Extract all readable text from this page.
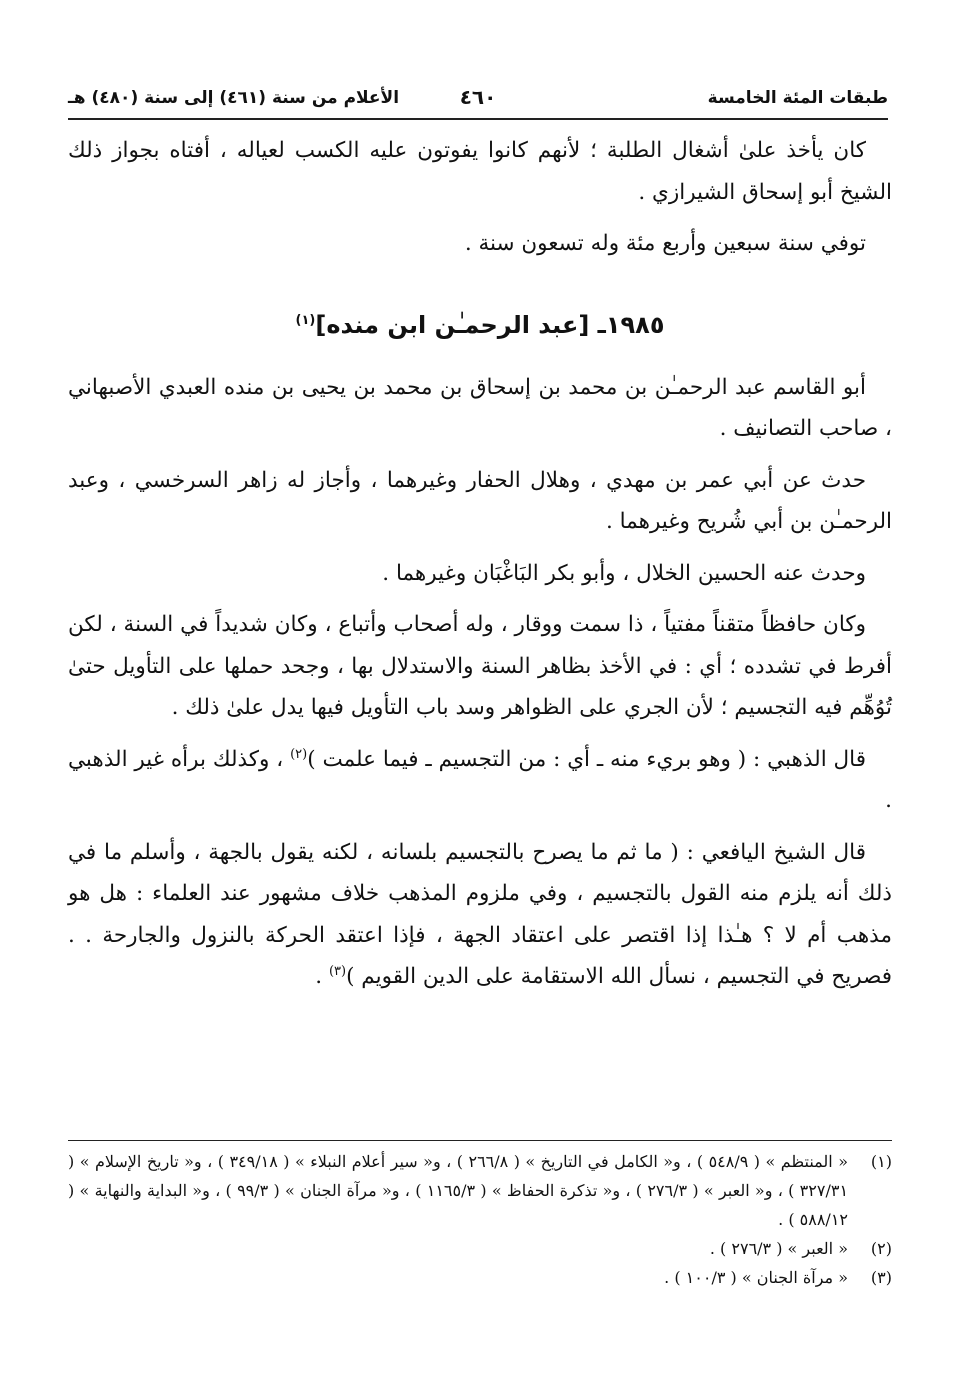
طبقات المئة الخامسة
٤٦٠
الأعلام من سنة (٤٦١) إلى سنة (٤٨٠) هـ

كان يأخذ علىٰ أشغال الطلبة ؛ لأنهم كانوا يفوتون عليه الكسب لعياله ، أفتاه بجواز ذلك الشيخ أبو إسحاق الشيرازي .

توفي سنة سبعين وأربع مئة وله تسعون سنة .

١٩٨٥ـ [عبد الرحمـٰن ابن منده]$^{(١)}$

أبو القاسم عبد الرحمـٰن بن محمد بن إسحاق بن محمد بن يحيى بن منده العبدي الأصبهاني ، صاحب التصانيف .

حدث عن أبي عمر بن مهدي ، وهلال الحفار وغيرهما ، وأجاز له زاهر السرخسي ، وعبد الرحمـٰن بن أبي شُريح وغيرهما .

وحدث عنه الحسين الخلال ، وأبو بكر البَاغْبَان وغيرهما .

وكان حافظاً متقناً مفتياً ، ذا سمت ووقار ، وله أصحاب وأتباع ، وكان شديداً في السنة ، لكن أفرط في تشدده ؛ أي : في الأخذ بظاهر السنة والاستدلال بها ، وجحد حملها على التأويل حتىٰ تُوُهِّم فيه التجسيم ؛ لأن الجري على الظواهر وسد باب التأويل فيها يدل علىٰ ذلك .

قال الذهبي : ( وهو بريء منه ـ أي : من التجسيم ـ فيما علمت )$^{(٢)}$ ، وكذلك برأه غير الذهبي .

قال الشيخ اليافعي : ( ما ثم ما يصرح بالتجسيم بلسانه ، لكنه يقول بالجهة ، وأسلم ما في ذلك أنه يلزم منه القول بالتجسيم ، وفي ملزوم المذهب خلاف مشهور عند العلماء : هل هو مذهب أم لا ؟ هـٰذا إذا اقتصر على اعتقاد الجهة ، فإذا اعتقد الحركة بالنزول والجارحة . . فصريح في التجسيم ، نسأل الله الاستقامة على الدين القويم )$^{(٣)}$ .

(١)
« المنتظم » ( ٥٤٨/٩ ) ، و« الكامل في التاريخ » ( ٢٦٦/٨ ) ، و« سير أعلام النبلاء » ( ٣٤٩/١٨ ) ، و« تاريخ الإسلام » ( ٣٢٧/٣١ ) ، و« العبر » ( ٢٧٦/٣ ) ، و« تذكرة الحفاظ » ( ١١٦٥/٣ ) ، و« مرآة الجنان » ( ٩٩/٣ ) ، و« البداية والنهاية » ( ٥٨٨/١٢ ) .
(٢)
« العبر » ( ٢٧٦/٣ ) .
(٣)
« مرآة الجنان » ( ١٠٠/٣ ) .
